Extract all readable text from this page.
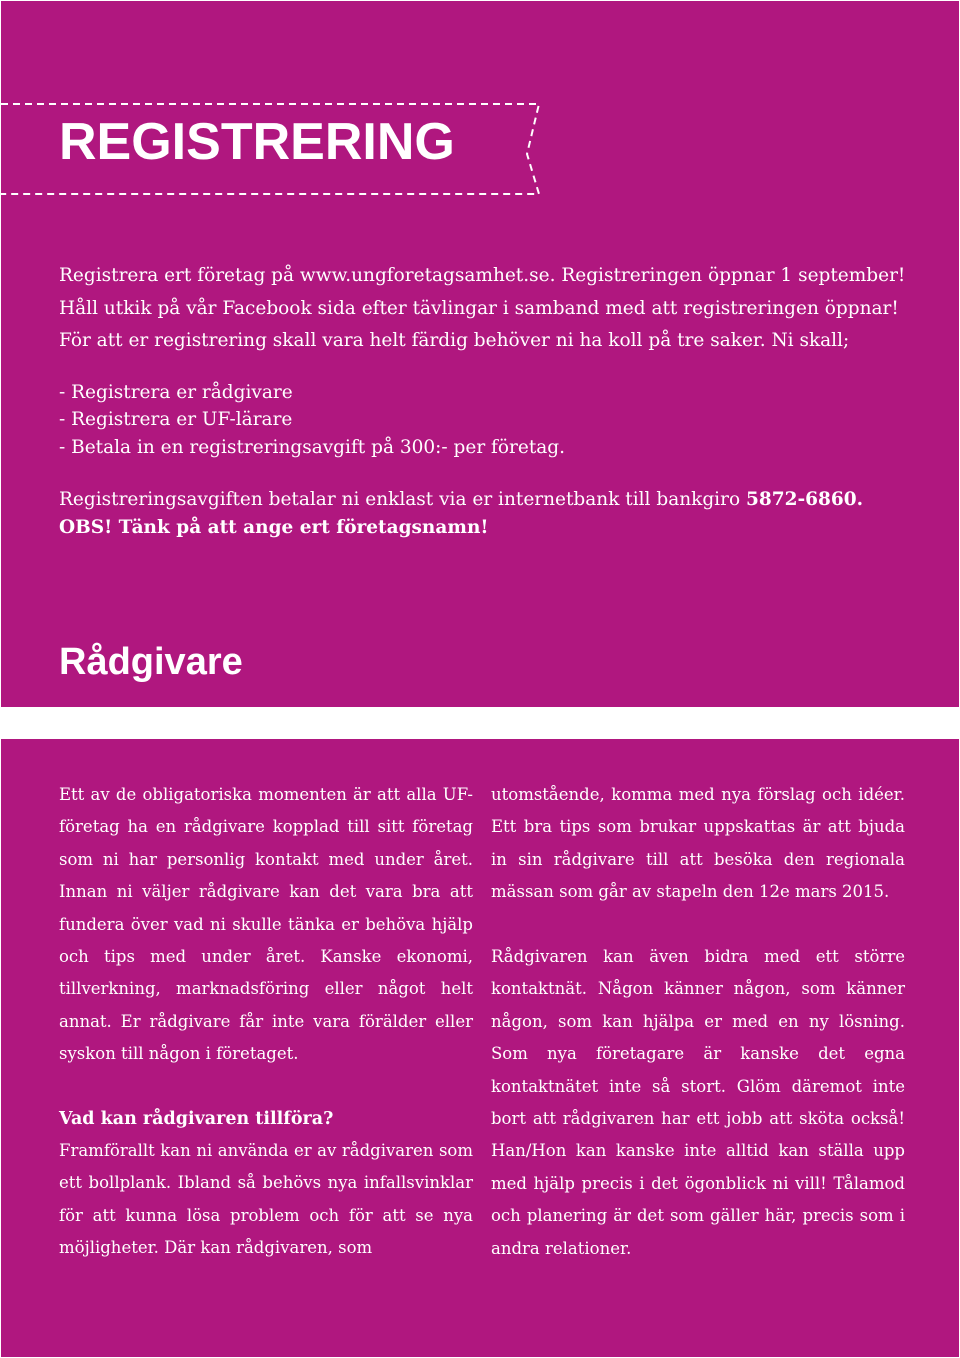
REGISTRERING

Registrera ert företag på www.ungforetagsamhet.se. Registreringen öppnar 1 september! Håll utkik på vår Facebook sida efter tävlingar i samband med att registreringen öppnar! För att er registrering skall vara helt färdig behöver ni ha koll på tre saker. Ni skall;

- Registrera er rådgivare
- Registrera er UF-lärare
- Betala in en registreringsavgift på 300:- per företag.

Registreringsavgiften betalar ni enklast via er internetbank till bankgiro 5872-6860. OBS! Tänk på att ange ert företagsnamn!

Rådgivare

Ett av de obligatoriska momenten är att alla UF-företag ha en rådgivare kopplad till sitt företag som ni har personlig kontakt med under året. Innan ni väljer rådgivare kan det vara bra att fundera över vad ni skulle tänka er behöva hjälp och tips med under året. Kanske ekonomi, tillverkning, marknadsföring eller något helt annat. Er rådgivare får inte vara förälder eller syskon till någon i företaget.

Vad kan rådgivaren tillföra?

Framförallt kan ni använda er av rådgivaren som ett bollplank. Ibland så behövs nya infallsvinklar för att kunna lösa problem och för att se nya möjligheter. Där kan rådgivaren, som

utomstående, komma med nya förslag och idéer. Ett bra tips som brukar uppskattas är att bjuda in sin rådgivare till att besöka den regionala mässan som går av stapeln den 12e mars 2015.

Rådgivaren kan även bidra med ett större kontaktnät. Någon känner någon, som känner någon, som kan hjälpa er med en ny lösning. Som nya företagare är kanske det egna kontaktnätet inte så stort. Glöm däremot inte bort att rådgivaren har ett jobb att sköta också! Han/Hon kan kanske inte alltid kan ställa upp med hjälp precis i det ögonblick ni vill! Tålamod och planering är det som gäller här, precis som i andra relationer.
